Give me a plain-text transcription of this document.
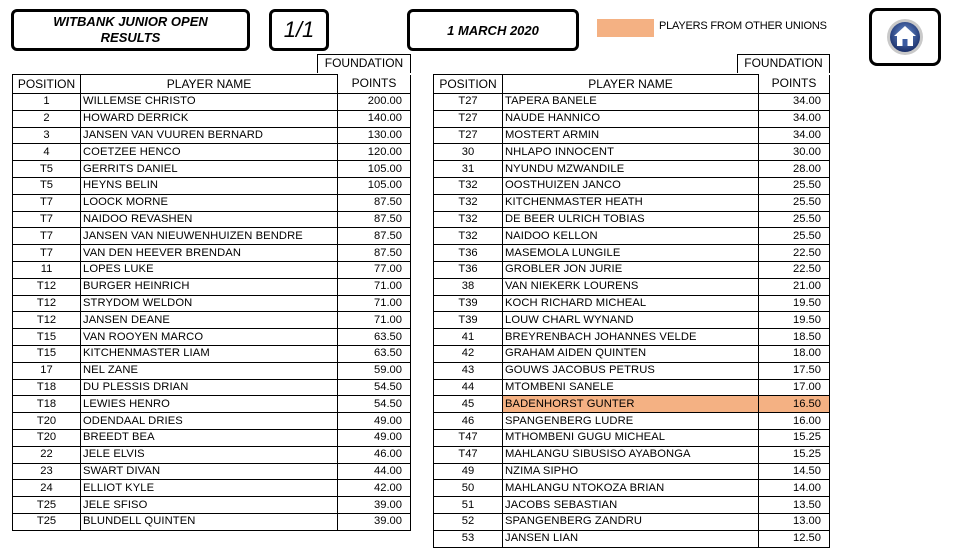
WITBANK JUNIOR OPEN
RESULTS	1/1	1 MARCH 2020	PLAYERS FROM OTHER UNIONS
FOUNDATION
POSITION	PLAYER NAME	POINTS
1	WILLEMSE CHRISTO	200.00
2	HOWARD DERRICK	140.00
3	JANSEN VAN VUUREN BERNARD	130.00
4	COETZEE HENCO	120.00
T5	GERRITS DANIEL	105.00
T5	HEYNS BELIN	105.00
T7	LOOCK MORNE	87.50
T7	NAIDOO REVASHEN	87.50
T7	JANSEN VAN NIEUWENHUIZEN BENDRE	87.50
T7	VAN DEN HEEVER BRENDAN	87.50
11	LOPES LUKE	77.00
T12	BURGER HEINRICH	71.00
T12	STRYDOM WELDON	71.00
T12	JANSEN DEANE	71.00
T15	VAN ROOYEN MARCO	63.50
T15	KITCHENMASTER LIAM	63.50
17	NEL ZANE	59.00
T18	DU PLESSIS DRIAN	54.50
T18	LEWIES HENRO	54.50
T20	ODENDAAL DRIES	49.00
T20	BREEDT BEA	49.00
22	JELE ELVIS	46.00
23	SWART DIVAN	44.00
24	ELLIOT KYLE	42.00
T25	JELE SFISO	39.00
T25	BLUNDELL QUINTEN	39.00
FOUNDATION
POSITION	PLAYER NAME	POINTS
T27	TAPERA BANELE	34.00
T27	NAUDE HANNICO	34.00
T27	MOSTERT ARMIN	34.00
30	NHLAPO INNOCENT	30.00
31	NYUNDU MZWANDILE	28.00
T32	OOSTHUIZEN JANCO	25.50
T32	KITCHENMASTER HEATH	25.50
T32	DE BEER ULRICH TOBIAS	25.50
T32	NAIDOO KELLON	25.50
T36	MASEMOLA LUNGILE	22.50
T36	GROBLER JON JURIE	22.50
38	VAN NIEKERK LOURENS	21.00
T39	KOCH RICHARD MICHEAL	19.50
T39	LOUW CHARL WYNAND	19.50
41	BREYRENBACH JOHANNES VELDE	18.50
42	GRAHAM AIDEN QUINTEN	18.00
43	GOUWS JACOBUS PETRUS	17.50
44	MTOMBENI SANELE	17.00
45	BADENHORST GUNTER	16.50
46	SPANGENBERG LUDRE	16.00
T47	MTHOMBENI GUGU MICHEAL	15.25
T47	MAHLANGU SIBUSISO AYABONGA	15.25
49	NZIMA SIPHO	14.50
50	MAHLANGU NTOKOZA BRIAN	14.00
51	JACOBS SEBASTIAN	13.50
52	SPANGENBERG ZANDRU	13.00
53	JANSEN LIAN	12.50
